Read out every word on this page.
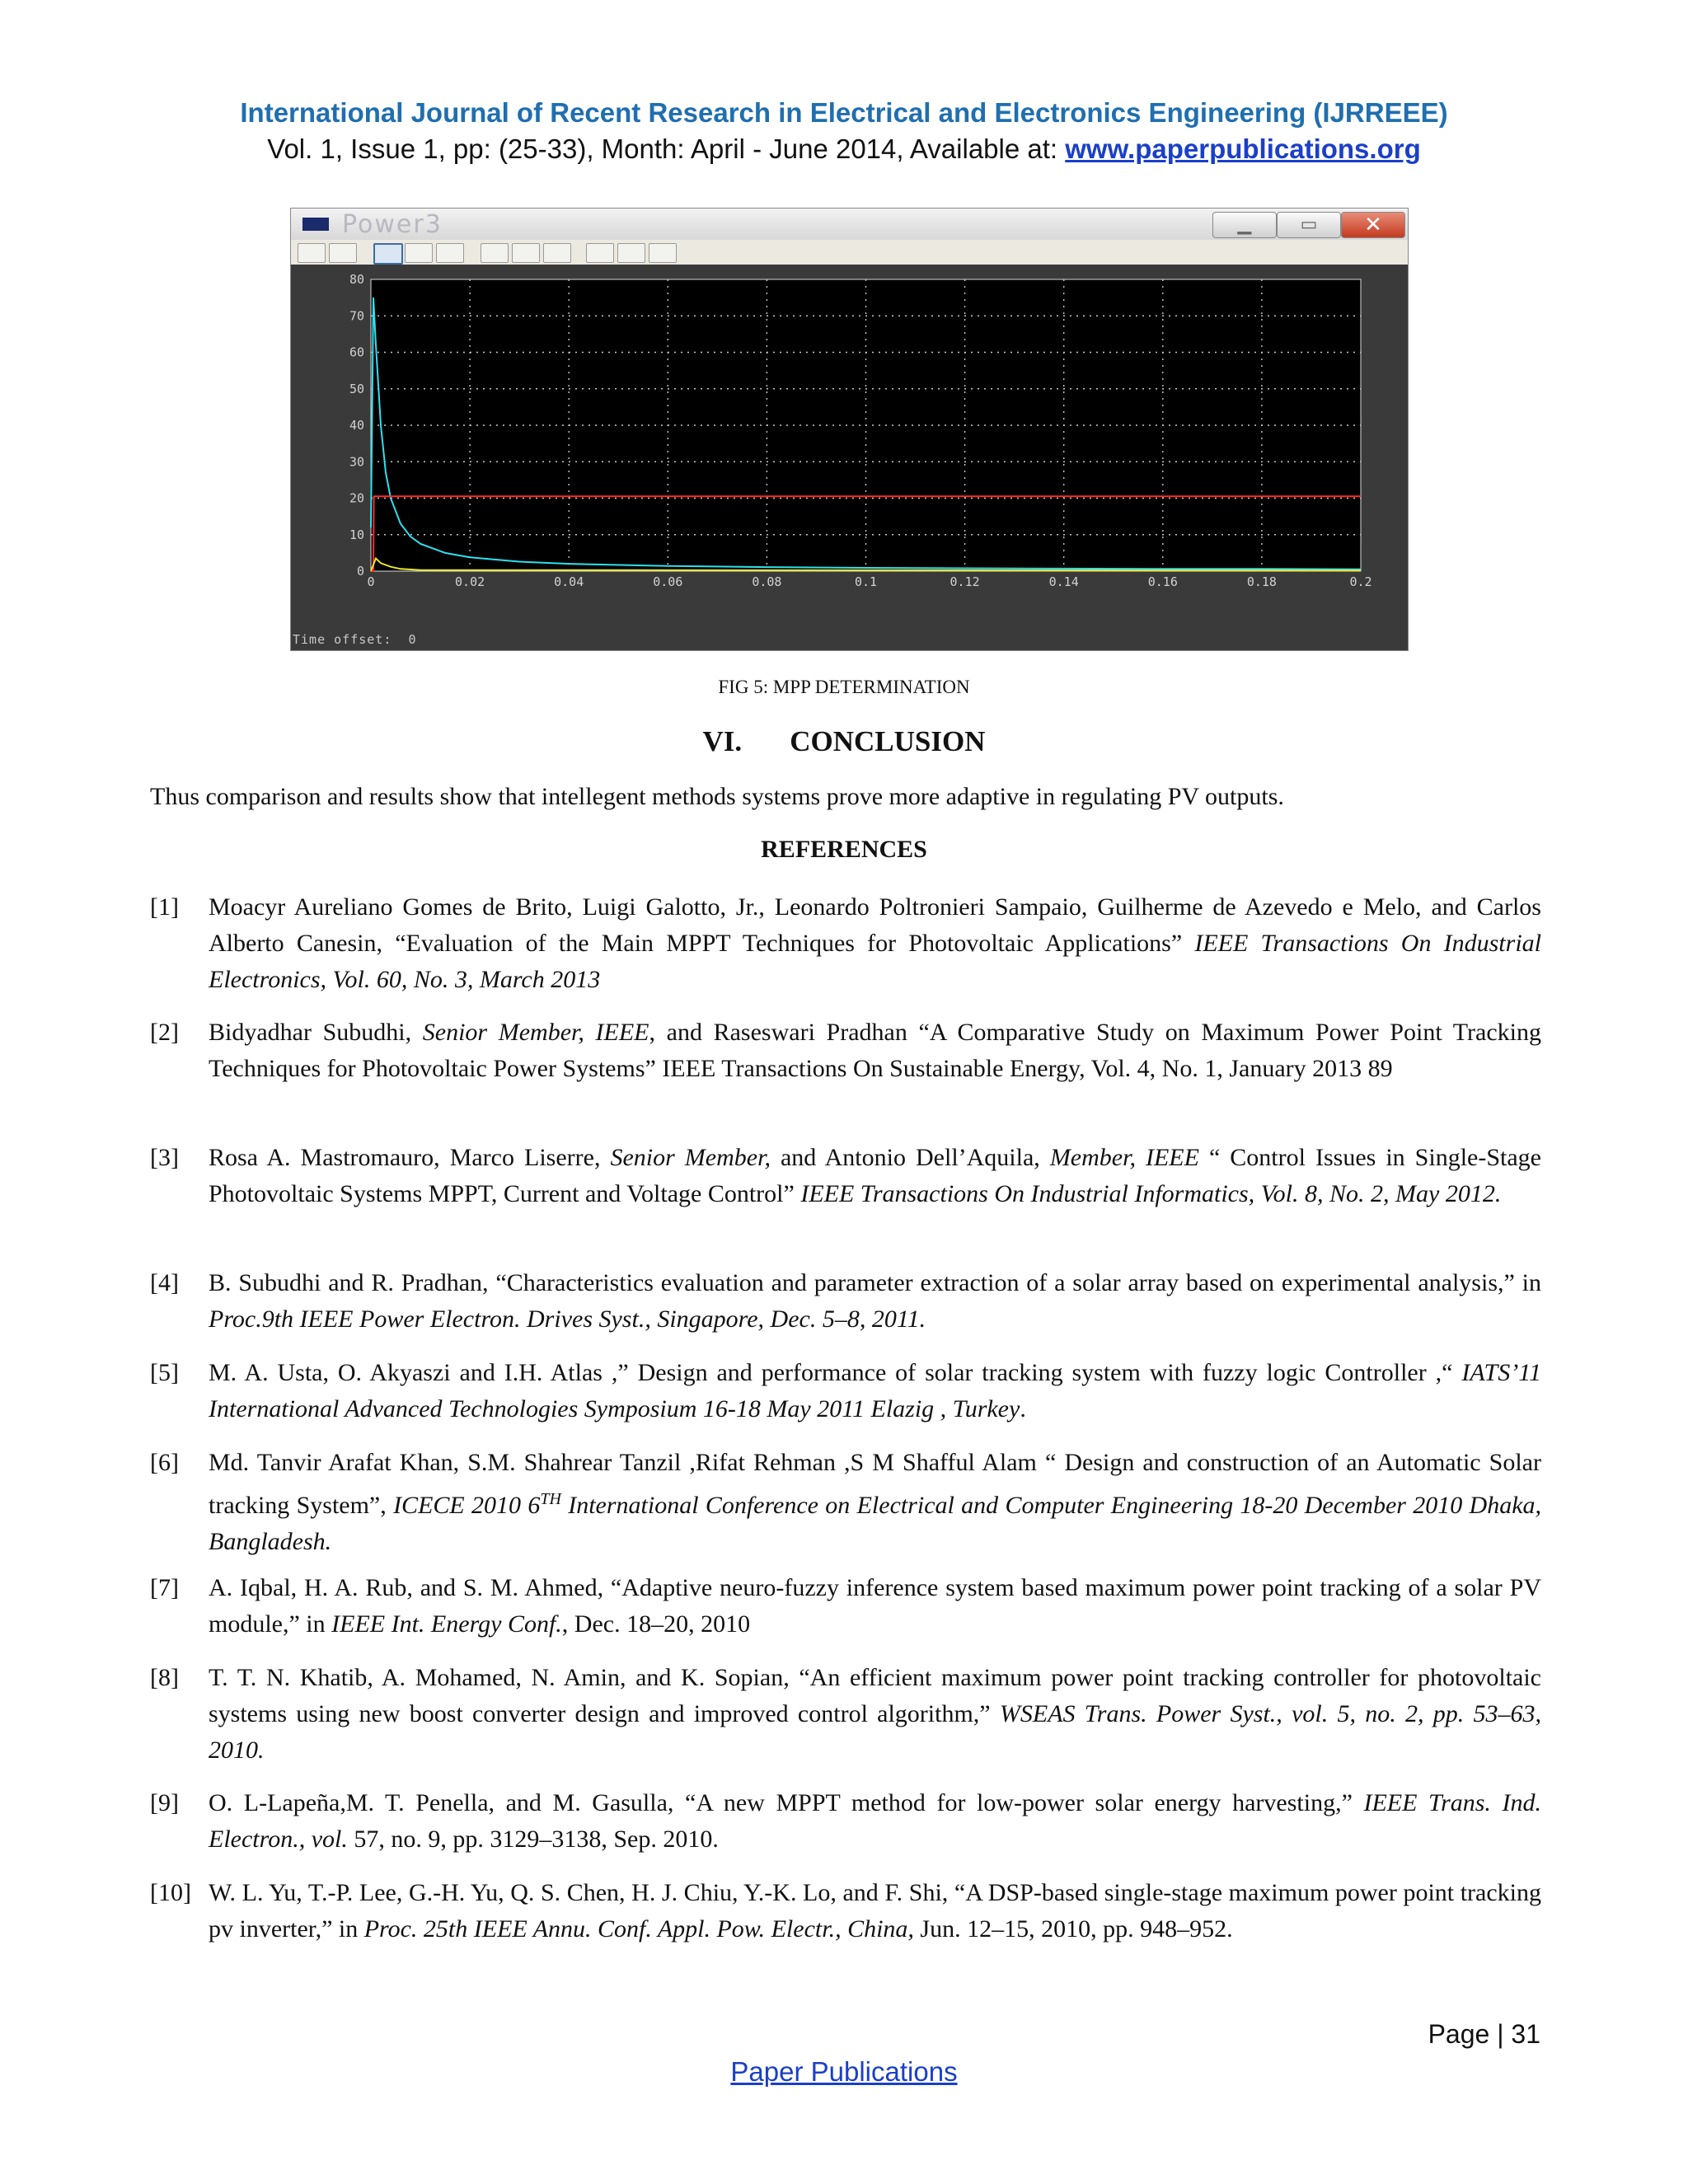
International Journal of Recent Research in Electrical and Electronics Engineering (IJRREEE)
Vol. 1, Issue 1, pp: (25-33), Month: April - June 2014, Available at: www.paperpublications.org
Power3	▁	▭	✕
0	0.02	0.04	0.06	0.08	0.1	0.12	0.14	0.16	0.18	0.2
0
10
20
30
40
50
60
70
80
Time offset: 0
FIG 5: MPP DETERMINATION
VI. CONCLUSION
Thus comparison and results show that intellegent methods systems prove more adaptive in regulating PV outputs.
REFERENCES
[1] Moacyr Aureliano Gomes de Brito, Luigi Galotto, Jr., Leonardo Poltronieri Sampaio, Guilherme de Azevedo e Melo, and Carlos Alberto Canesin, “Evaluation of the Main MPPT Techniques for Photovoltaic Applications” IEEE Transactions On Industrial Electronics, Vol. 60, No. 3, March 2013
[2] Bidyadhar Subudhi, Senior Member, IEEE, and Raseswari Pradhan “A Comparative Study on Maximum Power Point Tracking Techniques for Photovoltaic Power Systems” IEEE Transactions On Sustainable Energy, Vol. 4, No. 1, January 2013 89
[3] Rosa A. Mastromauro, Marco Liserre, Senior Member, and Antonio Dell’Aquila, Member, IEEE “ Control Issues in Single-Stage Photovoltaic Systems MPPT, Current and Voltage Control” IEEE Transactions On Industrial Informatics, Vol. 8, No. 2, May 2012.
[4] B. Subudhi and R. Pradhan, “Characteristics evaluation and parameter extraction of a solar array based on experimental analysis,” in Proc.9th IEEE Power Electron. Drives Syst., Singapore, Dec. 5–8, 2011.
[5] M. A. Usta, O. Akyaszi and I.H. Atlas ,” Design and performance of solar tracking system with fuzzy logic Controller ,“ IATS’11 International Advanced Technologies Symposium 16-18 May 2011 Elazig , Turkey.
[6] Md. Tanvir Arafat Khan, S.M. Shahrear Tanzil ,Rifat Rehman ,S M Shafful Alam “ Design and construction of an Automatic Solar tracking System”, ICECE 2010 6TH International Conference on Electrical and Computer Engineering 18-20 December 2010 Dhaka, Bangladesh.
[7] A. Iqbal, H. A. Rub, and S. M. Ahmed, “Adaptive neuro-fuzzy inference system based maximum power point tracking of a solar PV module,” in IEEE Int. Energy Conf., Dec. 18–20, 2010
[8] T. T. N. Khatib, A. Mohamed, N. Amin, and K. Sopian, “An efficient maximum power point tracking controller for photovoltaic systems using new boost converter design and improved control algorithm,” WSEAS Trans. Power Syst., vol. 5, no. 2, pp. 53–63, 2010.
[9] O. L-Lapeña,M. T. Penella, and M. Gasulla, “A new MPPT method for low-power solar energy harvesting,” IEEE Trans. Ind. Electron., vol. 57, no. 9, pp. 3129–3138, Sep. 2010.
[10] W. L. Yu, T.-P. Lee, G.-H. Yu, Q. S. Chen, H. J. Chiu, Y.-K. Lo, and F. Shi, “A DSP-based single-stage maximum power point tracking pv inverter,” in Proc. 25th IEEE Annu. Conf. Appl. Pow. Electr., China, Jun. 12–15, 2010, pp. 948–952.
Page | 31
Paper Publications
